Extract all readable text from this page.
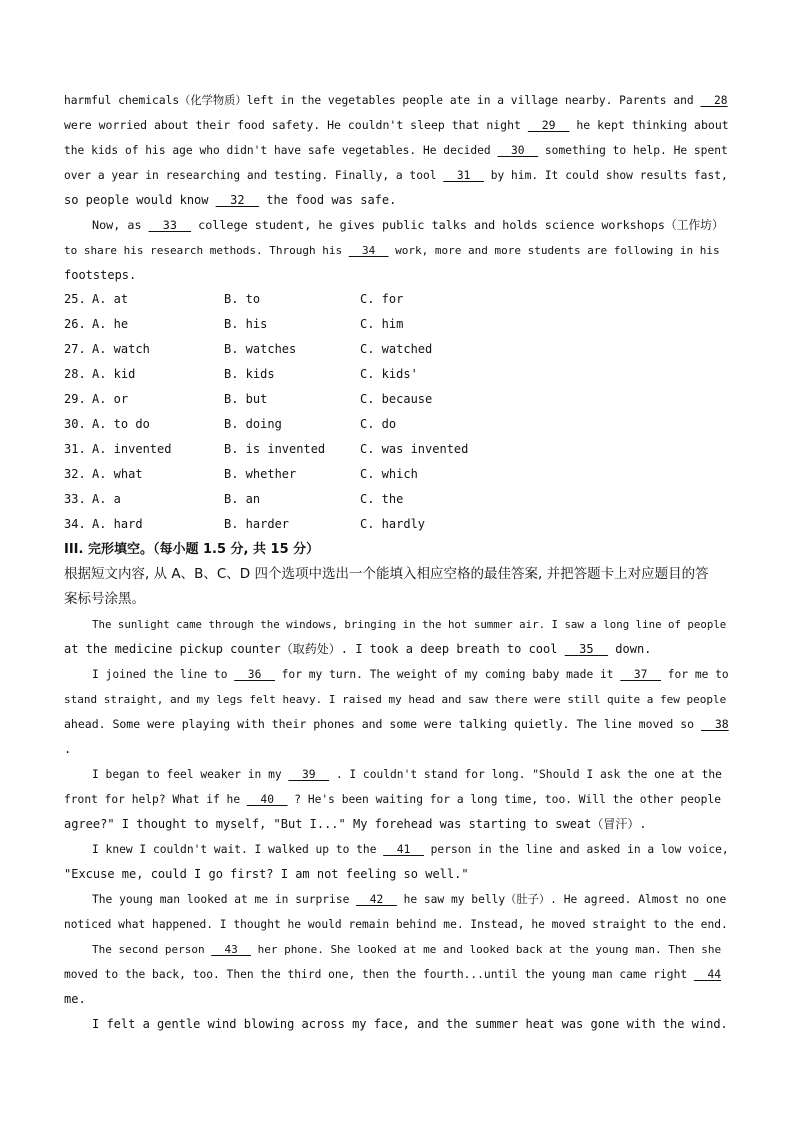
harmful chemicals（化学物质）left in the vegetables people ate in a village nearby. Parents and __28
were worried about their food safety. He couldn't sleep that night __29__ he kept thinking about
the kids of his age who didn't have safe vegetables. He decided __30__ something to help. He spent
over a year in researching and testing. Finally, a tool __31__ by him. It could show results fast,
so people would know __32__ the food was safe.
Now, as __33__ college student, he gives public talks and holds science workshops（工作坊）
to share his research methods. Through his __34__ work, more and more students are following in his
footsteps.
25. A. at	B. to	C. for
26. A. he	B. his	C. him
27. A. watch	B. watches	C. watched
28. A. kid	B. kids	C. kids'
29. A. or	B. but	C. because
30. A. to do	B. doing	C. do
31. A. invented	B. is invented	C. was invented
32. A. what	B. whether	C. which
33. A. a	B. an	C. the
34. A. hard	B. harder	C. hardly
III. 完形填空。（每小题 1.5 分, 共 15 分）
根据短文内容, 从 A、B、C、D 四个选项中选出一个能填入相应空格的最佳答案, 并把答题卡上对应题目的答
案标号涂黑。
The sunlight came through the windows, bringing in the hot summer air. I saw a long line of people
at the medicine pickup counter（取药处）. I took a deep breath to cool __35__ down.
I joined the line to __36__ for my turn. The weight of my coming baby made it __37__ for me to
stand straight, and my legs felt heavy. I raised my head and saw there were still quite a few people
ahead. Some were playing with their phones and some were talking quietly. The line moved so __38
.
I began to feel weaker in my __39__ . I couldn't stand for long. "Should I ask the one at the
front for help? What if he __40__ ? He's been waiting for a long time, too. Will the other people
agree?" I thought to myself, "But I..." My forehead was starting to sweat（冒汗）.
I knew I couldn't wait. I walked up to the __41__ person in the line and asked in a low voice,
"Excuse me, could I go first? I am not feeling so well."
The young man looked at me in surprise __42__ he saw my belly（肚子）. He agreed. Almost no one
noticed what happened. I thought he would remain behind me. Instead, he moved straight to the end.
The second person __43__ her phone. She looked at me and looked back at the young man. Then she
moved to the back, too. Then the third one, then the fourth...until the young man came right __44
me.
I felt a gentle wind blowing across my face, and the summer heat was gone with the wind.
